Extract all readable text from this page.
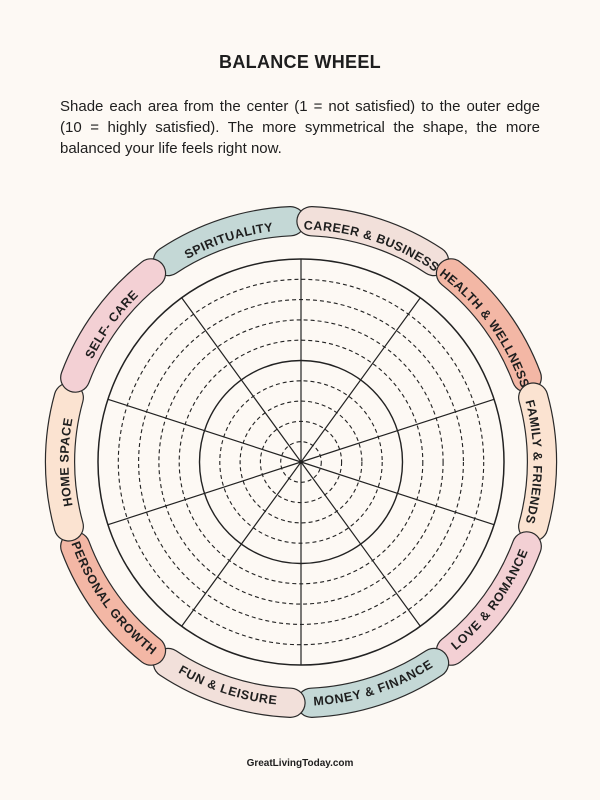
BALANCE WHEEL

Shade each area from the center (1 = not satisfied) to the outer edge (10 = highly satisfied). The more symmetrical the shape, the more balanced your life feels right now.

SPIRITUALITY CAREER & BUSINESS
HEALTH & WELLNESS
FAMILY & FRIENDS
LOVE & ROMANCE
MONEY & FINANCE
FUN & LEISURE
PERSONAL GROWTH
HOME SPACE
SELF- CARE
GreatLivingToday.com
